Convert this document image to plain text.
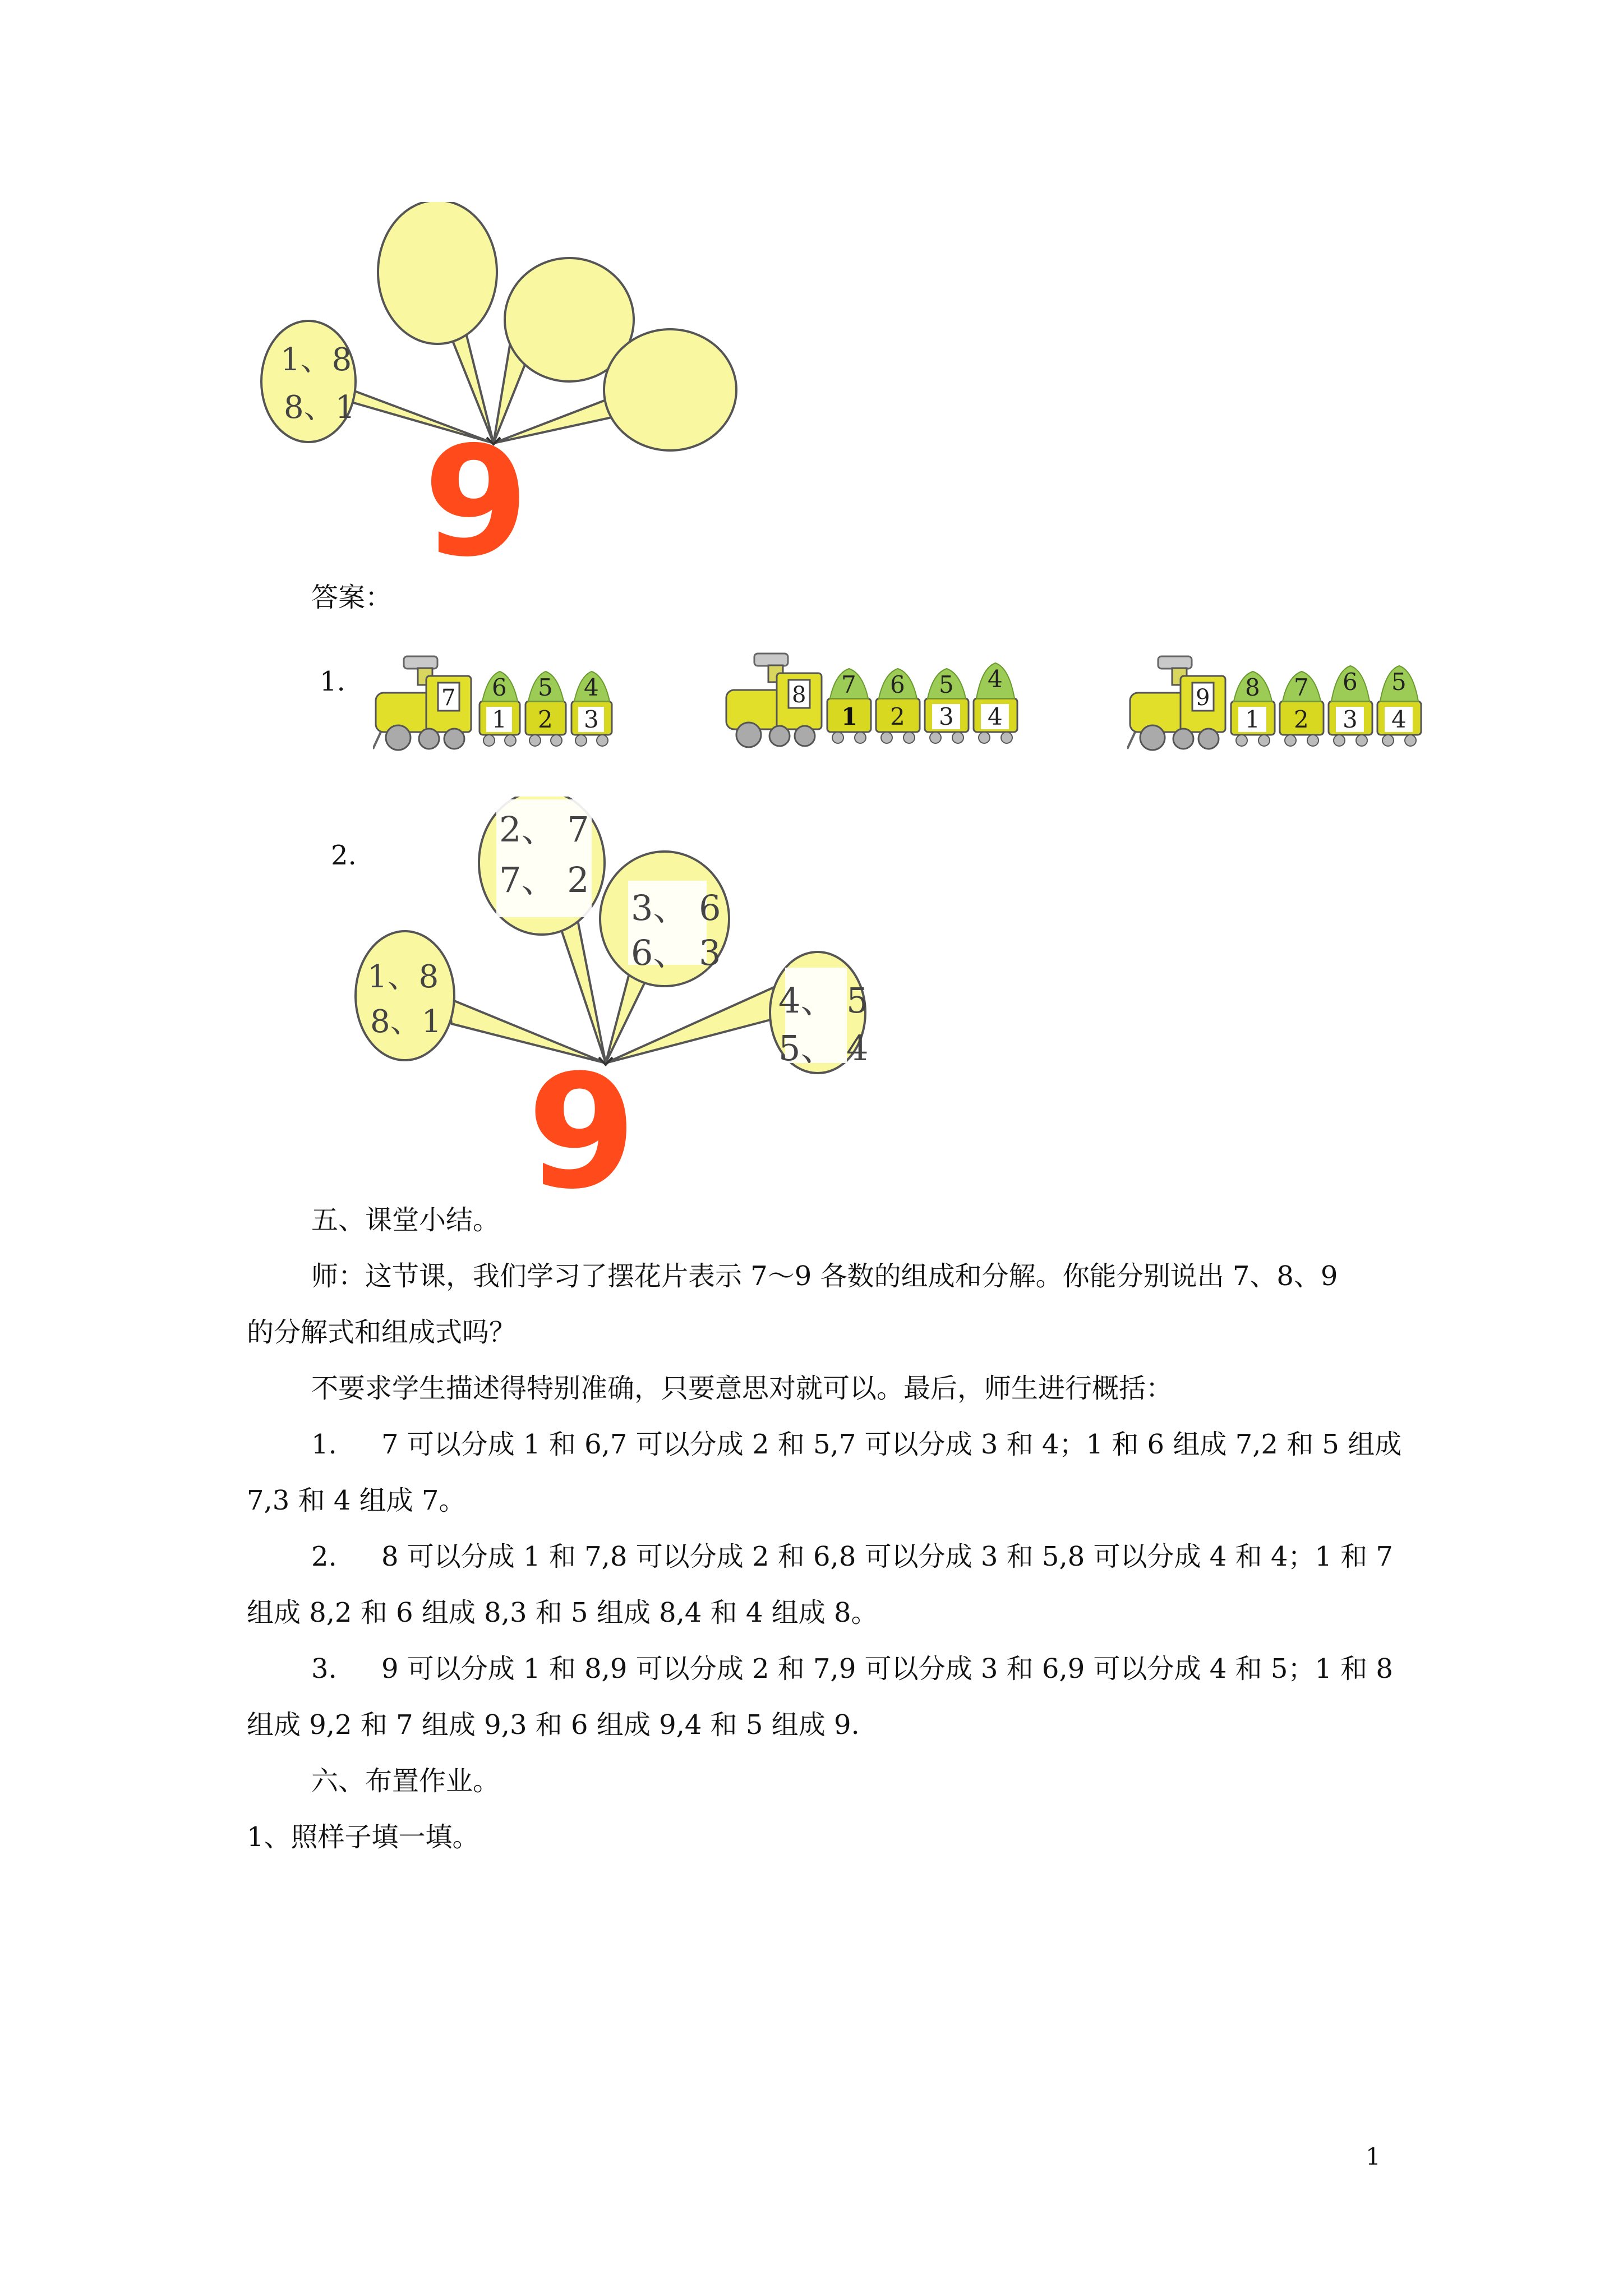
1、8
8、1
9
答案：
1.
7 6
1
5
2
4
3
8 7
1
6
2
5
3
4
4
9 8
1
7
2
6
3
5
4
2.
1、8
8、1
2、 7
7、 2
3、 6
6、 3
4、 5
5、 4
9
五、课堂小结。
师：这节课，我们学习了摆花片表示 7～9 各数的组成和分解。你能分别说出 7、8、9
的分解式和组成式吗？
不要求学生描述得特别准确，只要意思对就可以。最后，师生进行概括：
1. 7 可以分成 1 和 6,7 可以分成 2 和 5,7 可以分成 3 和 4；1 和 6 组成 7,2 和 5 组成
7,3 和 4 组成 7。
2. 8 可以分成 1 和 7,8 可以分成 2 和 6,8 可以分成 3 和 5,8 可以分成 4 和 4；1 和 7
组成 8,2 和 6 组成 8,3 和 5 组成 8,4 和 4 组成 8。
3. 9 可以分成 1 和 8,9 可以分成 2 和 7,9 可以分成 3 和 6,9 可以分成 4 和 5；1 和 8
组成 9,2 和 7 组成 9,3 和 6 组成 9,4 和 5 组成 9.
六、布置作业。
1、照样子填一填。
1
